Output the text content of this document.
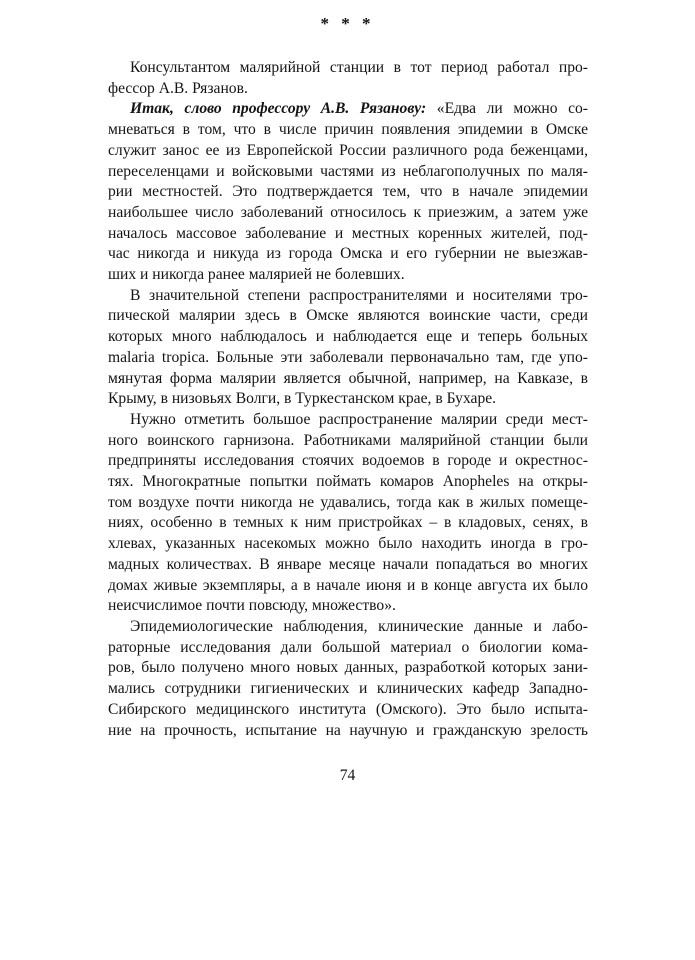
* * *
Консультантом малярийной станции в тот период работал про-
фессор А.В. Рязанов.
Итак, слово профессору А.В. Рязанову: «Едва ли можно со-
мневаться в том, что в числе причин появления эпидемии в Омске
служит занос ее из Европейской России различного рода беженцами,
переселенцами и войсковыми частями из неблагополучных по маля-
рии местностей. Это подтверждается тем, что в начале эпидемии
наибольшее число заболеваний относилось к приезжим, а затем уже
началось массовое заболевание и местных коренных жителей, под-
час никогда и никуда из города Омска и его губернии не выезжав-
ших и никогда ранее малярией не болевших.
В значительной степени распространителями и носителями тро-
пической малярии здесь в Омске являются воинские части, среди
которых много наблюдалось и наблюдается еще и теперь больных
malaria tropica. Больные эти заболевали первоначально там, где упо-
мянутая форма малярии является обычной, например, на Кавказе, в
Крыму, в низовьях Волги, в Туркестанском крае, в Бухаре.
Нужно отметить большое распространение малярии среди мест-
ного воинского гарнизона. Работниками малярийной станции были
предприняты исследования стоячих водоемов в городе и окрестнос-
тях. Многократные попытки поймать комаров Anopheles на откры-
том воздухе почти никогда не удавались, тогда как в жилых помеще-
ниях, особенно в темных к ним пристройках – в кладовых, сенях, в
хлевах, указанных насекомых можно было находить иногда в гро-
мадных количествах. В январе месяце начали попадаться во многих
домах живые экземпляры, а в начале июня и в конце августа их было
неисчислимое почти повсюду, множество».
Эпидемиологические наблюдения, клинические данные и лабо-
раторные исследования дали большой материал о биологии кома-
ров, было получено много новых данных, разработкой которых зани-
мались сотрудники гигиенических и клинических кафедр Западно-
Сибирского медицинского института (Омского). Это было испыта-
ние на прочность, испытание на научную и гражданскую зрелость
74
